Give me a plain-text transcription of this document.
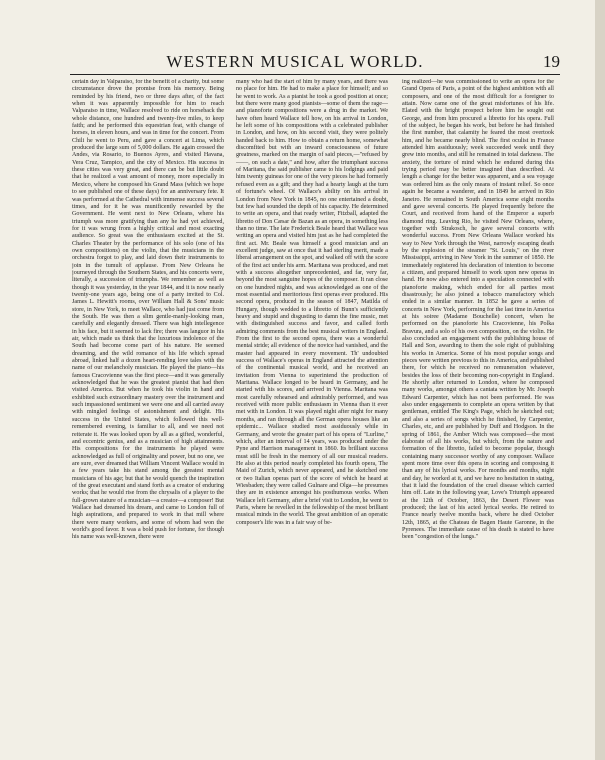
WESTERN MUSICAL WORLD.	19

certain day in Valparaiso, for the benefit of a charity, but some circumstance drove the promise from his memory. Being reminded by his friend, two or three days after, of the fact when it was apparently impossible for him to reach Valparaiso in time, Wallace resolved to ride on horseback the whole distance, one hundred and twenty-five miles, to keep faith; and he performed this equestrian feat, with change of horses, in eleven hours, and was in time for the concert. From Chili he went to Peru, and gave a concert at Lima, which produced the large sum of 5,000 dollars. He again crossed the Andes, via Rosario, to Buenos Ayres, and visited Havana, Vera Cruz, Tampico, and the city of Mexico. His success in these cities was very great, and there can be but little doubt that he realized a vast amount of money, more especially in Mexico, where he composed his Grand Mass (which we hope to see published one of these days) for an anniversary fete. It was performed at the Cathedral with immense success several times, and for it he was munificently rewarded by the Government. He went next to New Orleans, where his triumph was more gratifying than any he had yet achieved, for it was wrung from a highly critical and most exacting audience. So great was the enthusiasm excited at the St. Charles Theater by the performance of his solo (one of his own compositions) on the violin, that the musicians in the orchestra forgot to play, and laid down their instruments to join in the tumult of applause. From New Orleans he journeyed through the Southern States, and his concerts were, literally, a succession of triumphs. We remember as well as though it was yesterday, in the year 1844, and it is now nearly twenty-one years ago, being one of a party invited to Col. James L. Hewitt's rooms, over William Hall & Sons' music store, in New York, to meet Wallace, who had just come from the South. He was then a slim gentle-manly-looking man, carefully and elegantly dressed. There was high intellegence in his face, but it seemed to lack fire; there was languor in his air, which made us think that the luxurious indolence of the South had become come part of his nature. He seemed dreaming, and the wild romance of his life which spread abroad, linked half a dozen heart-rending love tales with the name of our melancholy musician. He played the piano—his famous Cracovienne was the first piece—and it was generally acknowledged that he was the greatest pianist that had then visited America. But when he took his violin in hand and exhibited such extraordinary mastery over the instrument and such impassioned sentiment we were one and all carried away with mingled feelings of astonishment and delight. His success in the United States, which followed this well-remembered evening, is familiar to all, and we need not reiterate it. He was looked upon by all as a gifted, wonderful, and eccentric genius, and as a musician of high attainments. His compositions for the instruments he played were acknowledged as full of originality and power, but no one, we are sure, ever dreamed that William Vincent Wallace would in a few years take his stand among the greatest mental musicians of his age; but that he would quench the inspiration of the great executant and stand forth as a creator of enduring works; that he would rise from the chrysalis of a player to the full-grown stature of a musician—a creator—a composer! But Wallace had dreamed his dream, and came to London full of high aspirations, and prepared to work in that mill where there were many workers, and some of whom had won the world's good favor. It was a bold push for fortune, for though his name was well-known, there were

many who had the start of him by many years, and there was no place for him. He had to make a place for himself; and so he went to work. As a pianist he took a good position at once; but there were many good pianists—some of them the rage—and pianoforte compositions were a drug in the market. We have often heard Wallace tell how, on his arrival in London, he left some of his compositions with a celebrated publisher in London, and how, on his second visit, they were politely handed back to him. How to obtain a return home, somewhat discomfited but with an inward consciousness of future greatness, marked on the margin of said pieces,—"refused by ——, on such a date," and how, after the triumphant success of Maritana, the said publisher came to his lodgings and paid him twenty guineas for one of the very pieces he had formerly refused even as a gift; and they had a hearty laugh at the turn of fortune's wheel. Of Wallace's ability on his arrival in London from New York in 1845, no one entertained a doubt, but few had sounded the depth of his capacity. He determined to write an opera, and that ready writer, Fitzball, adapted the libretto of Don Cæsar de Bazan as an opera, in something less than no time. The late Frederick Beale heard that Wallace was writing an opera and visited him just as he had completed the first act. Mr. Beale was himself a good musician and an excellent judge, saw at once that it had sterling merit, made a liberal arrangement on the spot, and walked off with the score of the first act under his arm. Maritana was produced, and met with a success altogether unprecedented, and far, very far, beyond the most sanguine hopes of the composer. It ran close on one hundred nights, and was acknowledged as one of the most essential and meritorious first operas ever produced. His second opera, produced in the season of 1847, Matilda of Hungary, though wedded to a libretto of Bunn's sufficiently heavy and stupid and disgusting to damn the fine music, met with distinguished success and favor, and called forth admiring comments from the best musical writers in England. From the first to the second opera, there was a wonderful mental stride; all evidence of the novice had vanished, and the master had appeared in every movement. Th' undoubted success of Wallace's operas in England attracted the attention of the continental musical world, and he received an invitation from Vienna to superintend the production of Maritana. Wallace longed to be heard in Germany, and he started with his scores, and arrived in Vienna. Maritana was most carefully rehearsed and admirably performed, and was received with more public enthusiasm in Vienna than it ever met with in London. It was played night after night for many months, and ran through all the German opera houses like an epidemic... Wallace studied most assiduously while in Germany, and wrote the greater part of his opera of "Lurline," which, after an interval of 14 years, was produced under the Pyne and Harrison management in 1860. Its brilliant success must still be fresh in the memory of all our musical readers. He also at this period nearly completed his fourth opera, The Maid of Zurich, which never appeared, and he sketched one or two Italian operas part of the score of which he heard at Wiesbaden; they were called Gulnare and Olga—he presumes they are in existence amongst his posthumous works. When Wallace left Germany, after a brief visit to London, he went to Paris, where he revelled in the fellowship of the most brilliant musical minds in the world. The great ambition of an operatic composer's life was in a fair way of be-

ing realized—he was commissioned to write an opera for the Grand Opera of Paris, a point of the highest ambition with all composers, and one of the most difficult for a foreigner to attain. Now came one of the great misfortunes of his life. Elated with the bright prospect before him he sought out George, and from him procured a libretto for his opera. Full of the subject, he began his work, but before he had finished the first number, that calamity he feared the most overtook him, and he became nearly blind. The first oculist in France attended him assiduously; week succeeded week until they grew into months, and still he remained in total darkness. The anxiety, the torture of mind which he endured during this trying period may be better imagined than described. At length a change for the better was apparent, and a sea voyage was ordered him as the only means of instant relief. So once again he became a wanderer, and in 1849 he arrived in Rio Janeiro. He remained in South America some eight months and gave several concerts. He played frequently before the Court, and received from hand of the Emperor a superb diamond ring. Leaving Rio, he visited New Orleans, where, together with Strakosch, he gave several concerts with wonderful success. From New Orleans Wallace worked his way to New York through the West, narrowly escaping death by the explosion of the steamer "St. Louis," on the river Mississippi, arriving in New York in the summer of 1850. He immediately registered his declaration of intention to become a citizen, and prepared himself to work upon new operas in hand. He now also entered into a speculation connected with pianoforte making, which ended for all parties most disastrously; he also joined a tobacco manufactory which ended in a similar manner. In 1852 he gave a series of concerts in New York, performing for the last time in America at his soiree (Madame Bouchelle) concert, when he performed on the pianoforte his Cracovienne, his Polka Bravura, and a solo of his own composition, on the violin. He also concluded an engagement with the publishing house of Hall and Son, awarding to them the sole right of publishing his works in America. Some of his most popular songs and pieces were written previous to this in America, and published there, for which he received no remuneration whatever, besides the loss of their becoming non-copyright in England. He shortly after returned to London, where he composed many works, amongst others a cantata written by Mr. Joseph Edward Carpenter, which has not been performed. He was also under engagements to complete an opera written by that gentleman, entitled The King's Page, which he sketched out; and also a series of songs which he finished, by Carpenter, Charles, etc, and are published by Duff and Hodgson. In the spring of 1861, the Amber Witch was composed—the most elaborate of all his works, but which, from the nature and formation of the libretto, failed to become popular, though containing many successor worthy of any composer. Wallace spent more time over this opera in scoring and composing it than any of his lyrical works. For months and months, night and day, he worked at it, and we have no hesitation in stating, that it laid the foundation of the cruel disease which carried him off. Late in the following year, Love's Triumph appeared at the 12th of October, 1863, the Desert Flower was produced; the last of his acted lyrical works. He retired to France nearly twelve months back, where he died October 12th, 1865, at the Chateau de Bagen Haute Garonne, in the Pyrenees. The immediate cause of his death is stated to have been "congestion of the lungs."
